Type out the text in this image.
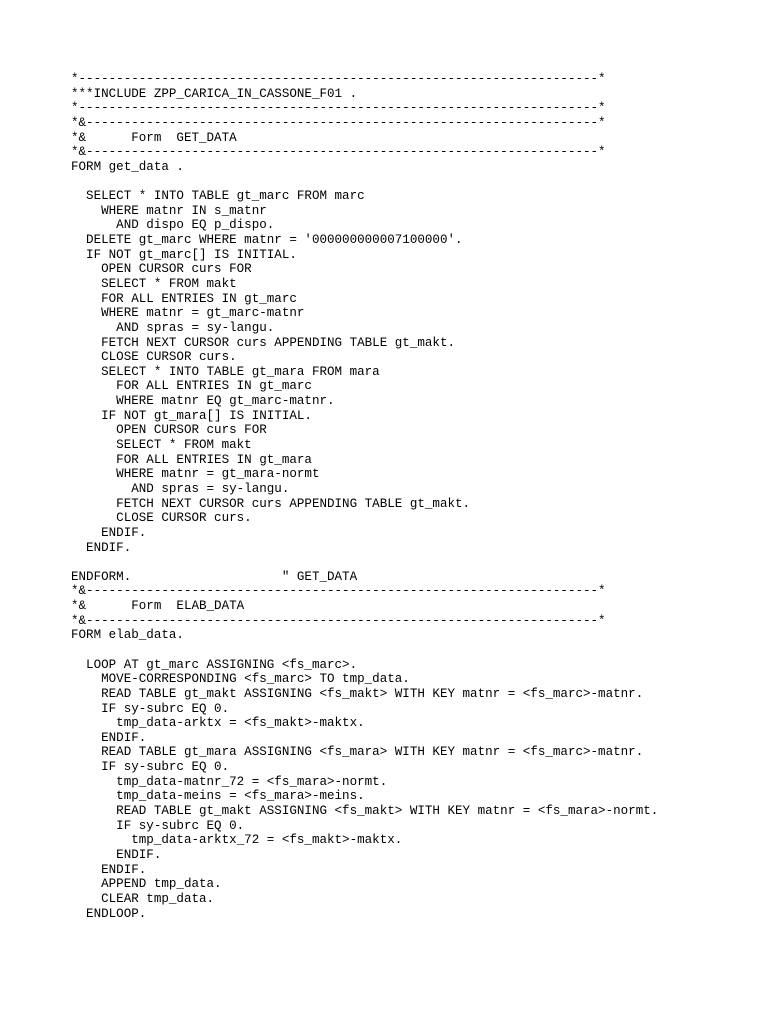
*---------------------------------------------------------------------*
***INCLUDE ZPP_CARICA_IN_CASSONE_F01 .
*---------------------------------------------------------------------*
*&--------------------------------------------------------------------*
*&      Form  GET_DATA
*&--------------------------------------------------------------------*
FORM get_data .
SELECT * INTO TABLE gt_marc FROM marc
WHERE matnr IN s_matnr
AND dispo EQ p_dispo.
DELETE gt_marc WHERE matnr = '000000000007100000'.
IF NOT gt_marc[] IS INITIAL.
OPEN CURSOR curs FOR
SELECT * FROM makt
FOR ALL ENTRIES IN gt_marc
WHERE matnr = gt_marc-matnr
AND spras = sy-langu.
FETCH NEXT CURSOR curs APPENDING TABLE gt_makt.
CLOSE CURSOR curs.
SELECT * INTO TABLE gt_mara FROM mara
FOR ALL ENTRIES IN gt_marc
WHERE matnr EQ gt_marc-matnr.
IF NOT gt_mara[] IS INITIAL.
OPEN CURSOR curs FOR
SELECT * FROM makt
FOR ALL ENTRIES IN gt_mara
WHERE matnr = gt_mara-normt
AND spras = sy-langu.
FETCH NEXT CURSOR curs APPENDING TABLE gt_makt.
CLOSE CURSOR curs.
ENDIF.
ENDIF.
ENDFORM.                    " GET_DATA
*&--------------------------------------------------------------------*
*&      Form  ELAB_DATA
*&--------------------------------------------------------------------*
FORM elab_data.
LOOP AT gt_marc ASSIGNING <fs_marc>.
MOVE-CORRESPONDING <fs_marc> TO tmp_data.
READ TABLE gt_makt ASSIGNING <fs_makt> WITH KEY matnr = <fs_marc>-matnr.
IF sy-subrc EQ 0.
tmp_data-arktx = <fs_makt>-maktx.
ENDIF.
READ TABLE gt_mara ASSIGNING <fs_mara> WITH KEY matnr = <fs_marc>-matnr.
IF sy-subrc EQ 0.
tmp_data-matnr_72 = <fs_mara>-normt.
tmp_data-meins = <fs_mara>-meins.
READ TABLE gt_makt ASSIGNING <fs_makt> WITH KEY matnr = <fs_mara>-normt.
IF sy-subrc EQ 0.
tmp_data-arktx_72 = <fs_makt>-maktx.
ENDIF.
ENDIF.
APPEND tmp_data.
CLEAR tmp_data.
ENDLOOP.
